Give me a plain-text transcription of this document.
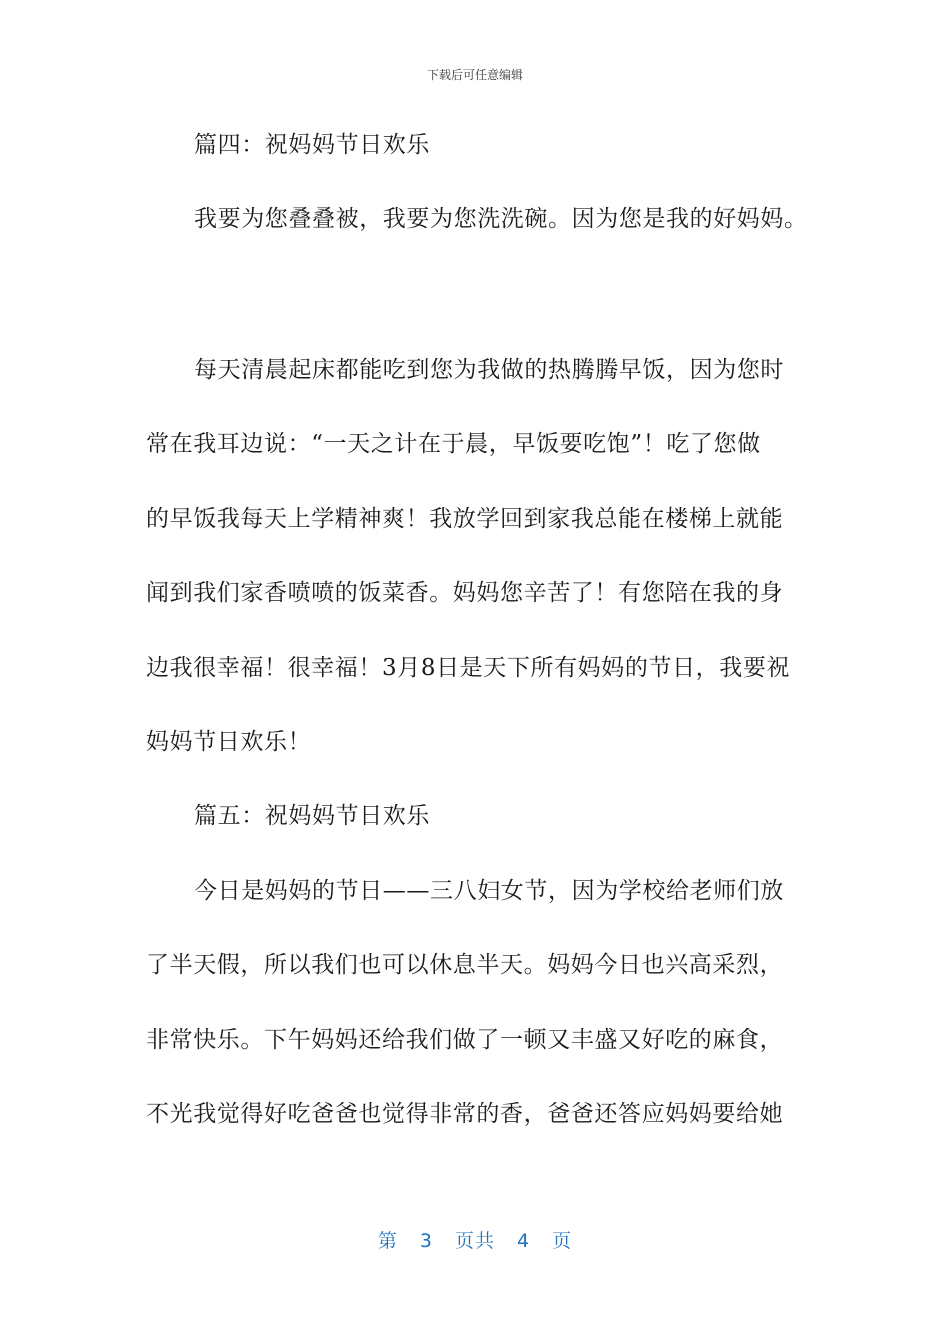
下载后可任意编辑
篇四：祝妈妈节日欢乐
我要为您叠叠被，我要为您洗洗碗。因为您是我的好妈妈。
每天清晨起床都能吃到您为我做的热腾腾早饭，因为您时
常在我耳边说：“一天之计在于晨，早饭要吃饱”！吃了您做
的早饭我每天上学精神爽！我放学回到家我总能在楼梯上就能
闻到我们家香喷喷的饭菜香。妈妈您辛苦了！有您陪在我的身
边我很幸福！很幸福！3月8日是天下所有妈妈的节日，我要祝
妈妈节日欢乐！
篇五：祝妈妈节日欢乐
今日是妈妈的节日——三八妇女节，因为学校给老师们放
了半天假，所以我们也可以休息半天。妈妈今日也兴高采烈，
非常快乐。下午妈妈还给我们做了一顿又丰盛又好吃的麻食，
不光我觉得好吃爸爸也觉得非常的香，爸爸还答应妈妈要给她
第 3 页共 4 页
